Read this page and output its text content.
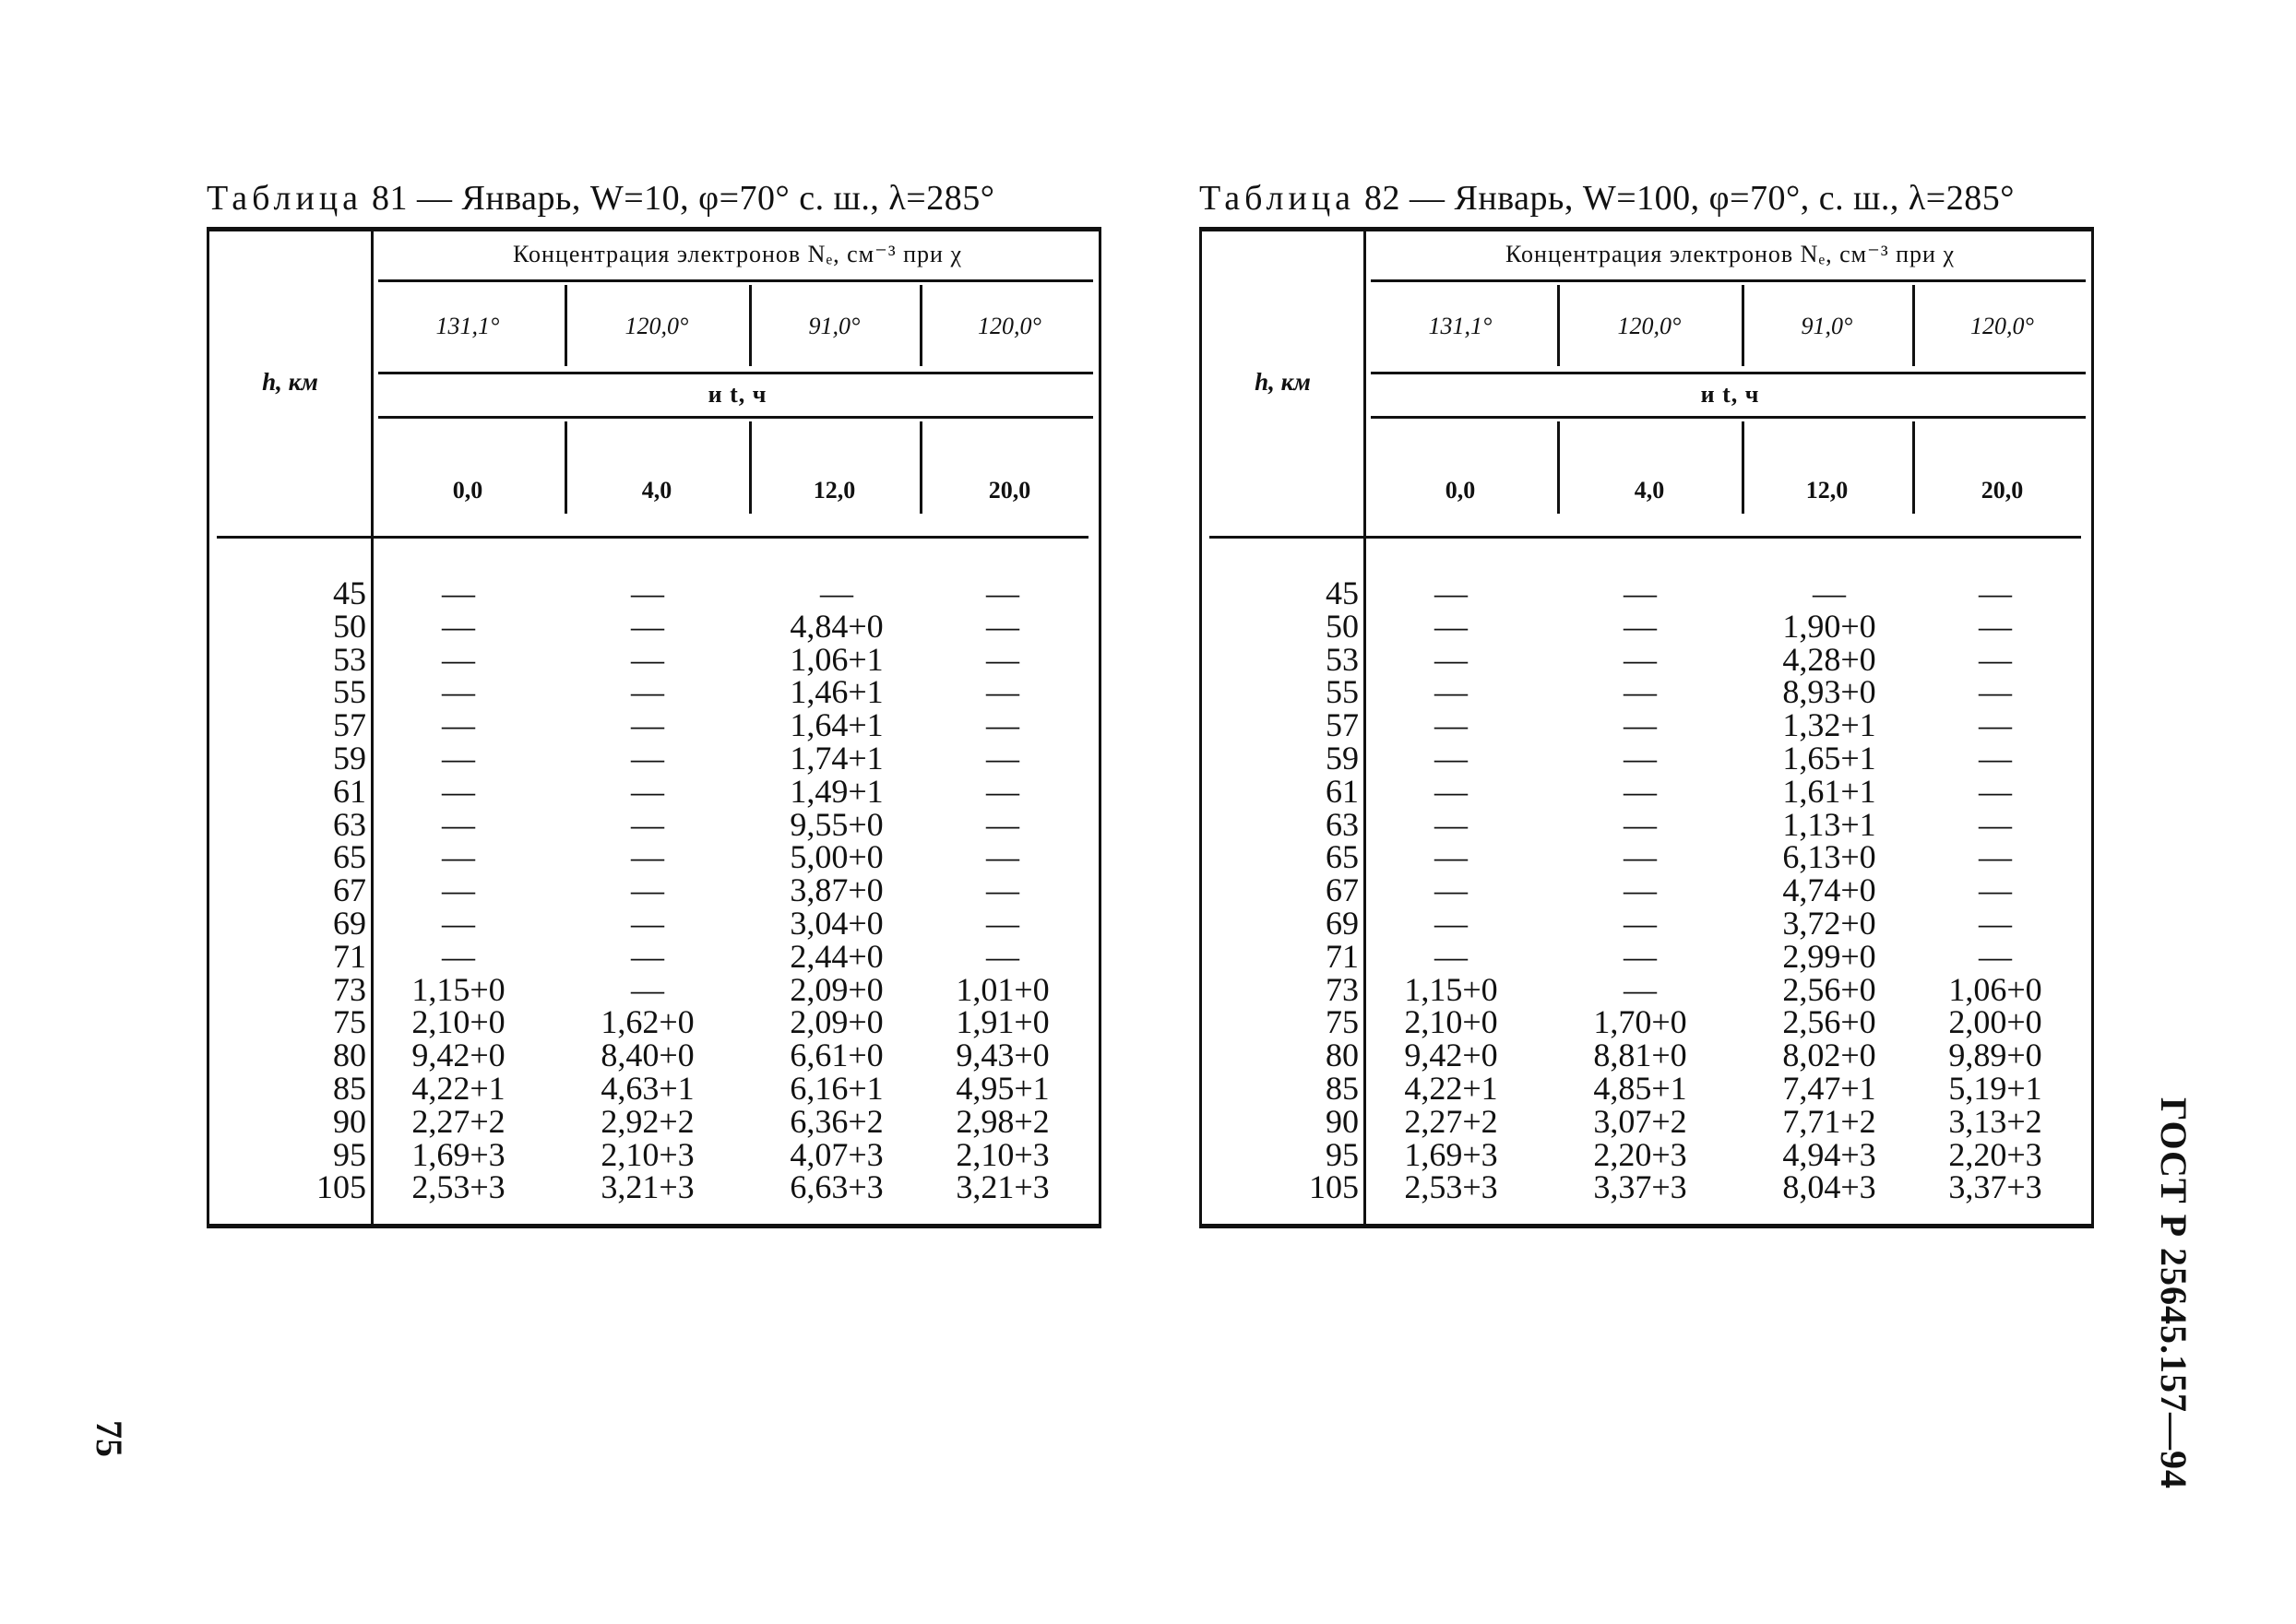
Таблица 81 — Январь, W=10, φ=70° с. ш., λ=285°
Концентрация электронов Nₑ, см⁻³ при χ
и t, ч
h, км
131,1°
0,0
120,0°
4,0
91,0°
12,0
120,0°
20,0
45	—	—	—	—
50	—	—	4,84+0	—
53	—	—	1,06+1	—
55	—	—	1,46+1	—
57	—	—	1,64+1	—
59	—	—	1,74+1	—
61	—	—	1,49+1	—
63	—	—	9,55+0	—
65	—	—	5,00+0	—
67	—	—	3,87+0	—
69	—	—	3,04+0	—
71	—	—	2,44+0	—
73	1,15+0	—	2,09+0	1,01+0
75	2,10+0	1,62+0	2,09+0	1,91+0
80	9,42+0	8,40+0	6,61+0	9,43+0
85	4,22+1	4,63+1	6,16+1	4,95+1
90	2,27+2	2,92+2	6,36+2	2,98+2
95	1,69+3	2,10+3	4,07+3	2,10+3
105	2,53+3	3,21+3	6,63+3	3,21+3
Таблица 82 — Январь, W=100, φ=70°, с. ш., λ=285°
Концентрация электронов Nₑ, см⁻³ при χ
и t, ч
h, км
131,1°
0,0
120,0°
4,0
91,0°
12,0
120,0°
20,0
45	—	—	—	—
50	—	—	1,90+0	—
53	—	—	4,28+0	—
55	—	—	8,93+0	—
57	—	—	1,32+1	—
59	—	—	1,65+1	—
61	—	—	1,61+1	—
63	—	—	1,13+1	—
65	—	—	6,13+0	—
67	—	—	4,74+0	—
69	—	—	3,72+0	—
71	—	—	2,99+0	—
73	1,15+0	—	2,56+0	1,06+0
75	2,10+0	1,70+0	2,56+0	2,00+0
80	9,42+0	8,81+0	8,02+0	9,89+0
85	4,22+1	4,85+1	7,47+1	5,19+1
90	2,27+2	3,07+2	7,71+2	3,13+2
95	1,69+3	2,20+3	4,94+3	2,20+3
105	2,53+3	3,37+3	8,04+3	3,37+3
75	ГОСТ Р 25645.157—94
